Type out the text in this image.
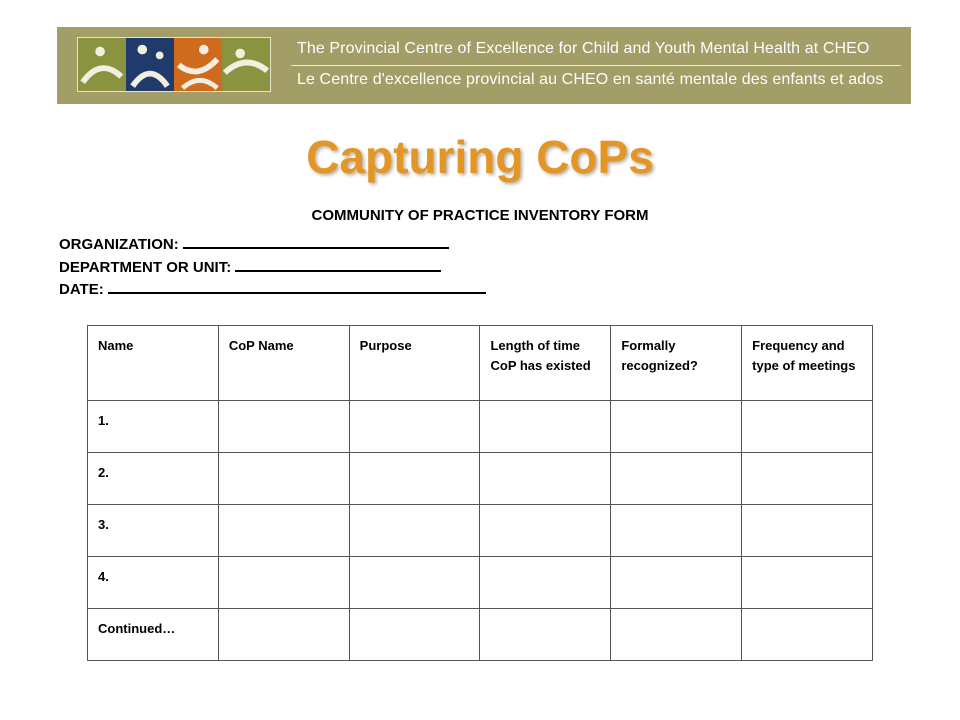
The Provincial Centre of Excellence for Child and Youth Mental Health at CHEO
Le Centre d'excellence provincial au CHEO en santé mentale des enfants et ados
Capturing CoPs
COMMUNITY OF PRACTICE INVENTORY FORM
ORGANIZATION:
DEPARTMENT OR UNIT:
DATE:
Name	CoP Name	Purpose	Length of time CoP has existed	Formally recognized?	Frequency and type of meetings
1.					
2.					
3.					
4.					
Continued…					
